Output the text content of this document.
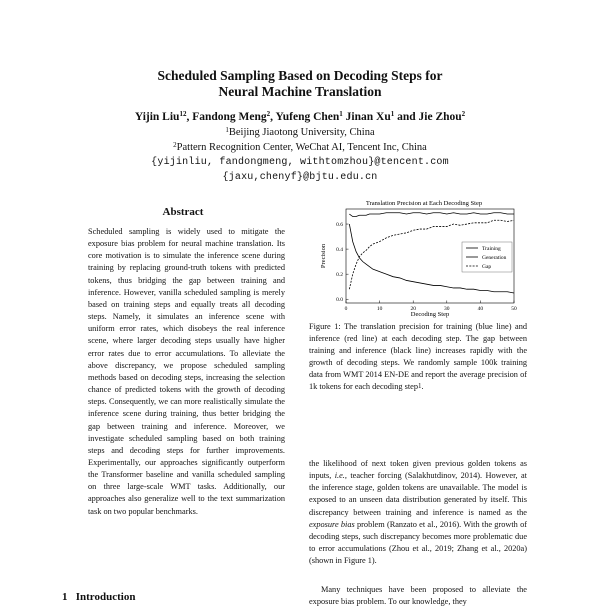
Scheduled Sampling Based on Decoding Steps for
Neural Machine Translation
Yijin Liu$^{12}$, Fandong Meng$^2$, Yufeng Chen$^1$ Jinan Xu$^1$ and Jie Zhou$^2$
$^1$Beijing Jiaotong University, China
$^2$Pattern Recognition Center, WeChat AI, Tencent Inc, China
{yijinliu, fandongmeng, withtomzhou}@tencent.com
{jaxu,chenyf}@bjtu.edu.cn
Abstract

Scheduled sampling is widely used to mitigate the exposure bias problem for neural machine translation. Its core motivation is to simulate the inference scene during training by replacing ground-truth tokens with predicted tokens, thus bridging the gap between training and inference. However, vanilla scheduled sampling is merely based on training steps and equally treats all decoding steps. Namely, it simulates an inference scene with uniform error rates, which disobeys the real inference scene, where larger decoding steps usually have higher error rates due to error accumulations. To alleviate the above discrepancy, we propose scheduled sampling methods based on decoding steps, increasing the selection chance of predicted tokens with the growth of decoding steps. Consequently, we can more realistically simulate the inference scene during training, thus better bridging the gap between training and inference. Moreover, we investigate scheduled sampling based on both training steps and decoding steps for further improvements. Experimentally, our approaches significantly outperform the Transformer baseline and vanilla scheduled sampling on three large-scale WMT tasks. Additionally, our approaches also generalize well to the text summarization task on two popular benchmarks.

1 Introduction
Translation Precision at Each Decoding Step
0.0
0.2
0.4
0.6
0	10	20	30	40	50
Precision
Decoding Step
Training
Generation
Gap

Figure 1: The translation precision for training (blue line) and inference (red line) at each decoding step. The gap between training and inference (black line) increases rapidly with the growth of decoding steps. We randomly sample 100k training data from WMT 2014 EN-DE and report the average precision of 1k tokens for each decoding step$^1$.

the likelihood of next token given previous golden tokens as inputs, i.e., teacher forcing (Salakhutdinov, 2014). However, at the inference stage, golden tokens are unavailable. The model is exposed to an unseen data distribution generated by itself. This discrepancy between training and inference is named as the exposure bias problem (Ranzato et al., 2016). With the growth of decoding steps, such discrepancy becomes more problematic due to error accumulations (Zhou et al., 2019; Zhang et al., 2020a) (shown in Figure 1).

Many techniques have been proposed to alleviate the exposure bias problem. To our knowledge, they
